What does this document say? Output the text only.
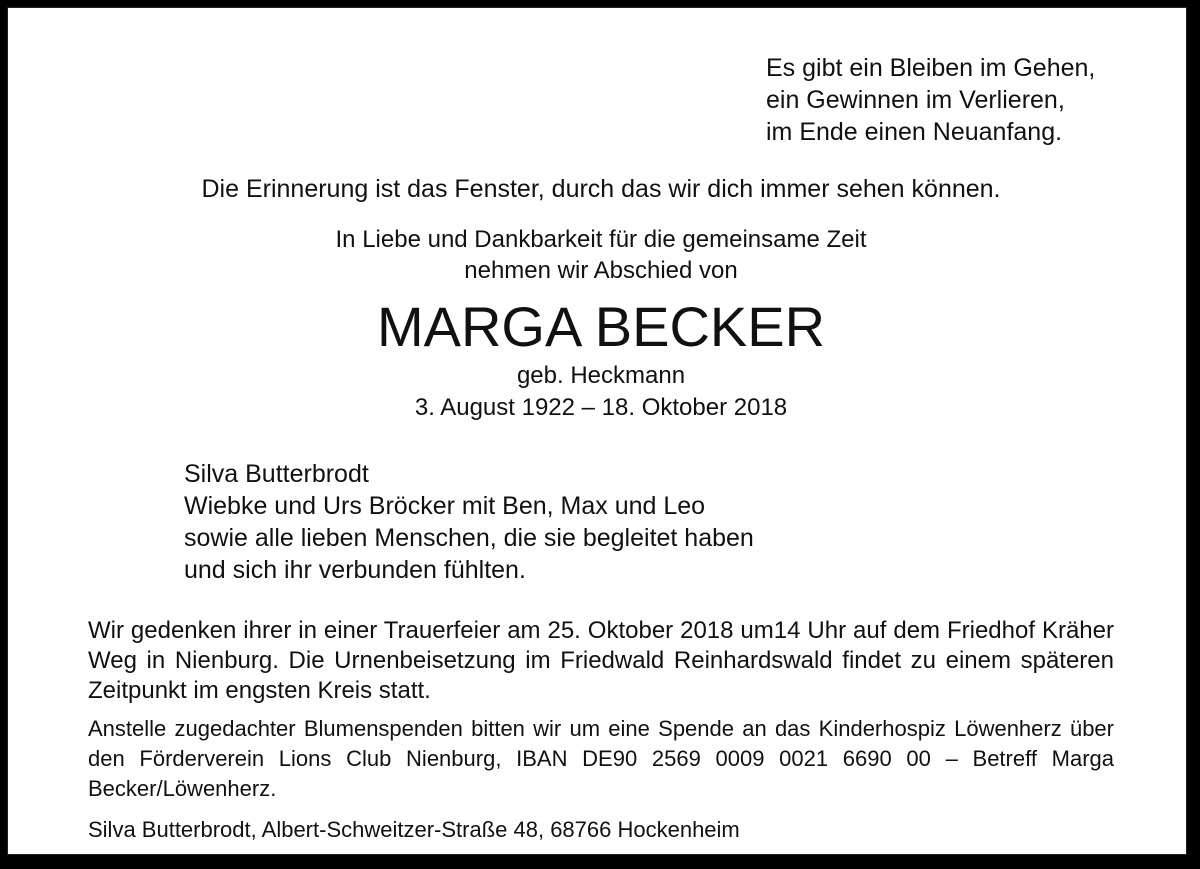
Es gibt ein Bleiben im Gehen,
ein Gewinnen im Verlieren,
im Ende einen Neuanfang.
Die Erinnerung ist das Fenster, durch das wir dich immer sehen können.
In Liebe und Dankbarkeit für die gemeinsame Zeit
nehmen wir Abschied von
MARGA BECKER
geb. Heckmann
3. August 1922 – 18. Oktober 2018
Silva Butterbrodt
Wiebke und Urs Bröcker mit Ben, Max und Leo
sowie alle lieben Menschen, die sie begleitet haben
und sich ihr verbunden fühlten.
Wir gedenken ihrer in einer Trauerfeier am 25. Oktober 2018 um14 Uhr auf dem Friedhof Kräher Weg in Nienburg. Die Urnenbeisetzung im Friedwald Reinhardswald findet zu einem späteren Zeitpunkt im engsten Kreis statt.
Anstelle zugedachter Blumenspenden bitten wir um eine Spende an das Kinderhospiz Löwenherz über den Förderverein Lions Club Nienburg, IBAN DE90 2569 0009 0021 6690 00 – Betreff Marga Becker/Löwenherz.
Silva Butterbrodt, Albert-Schweitzer-Straße 48, 68766 Hockenheim
